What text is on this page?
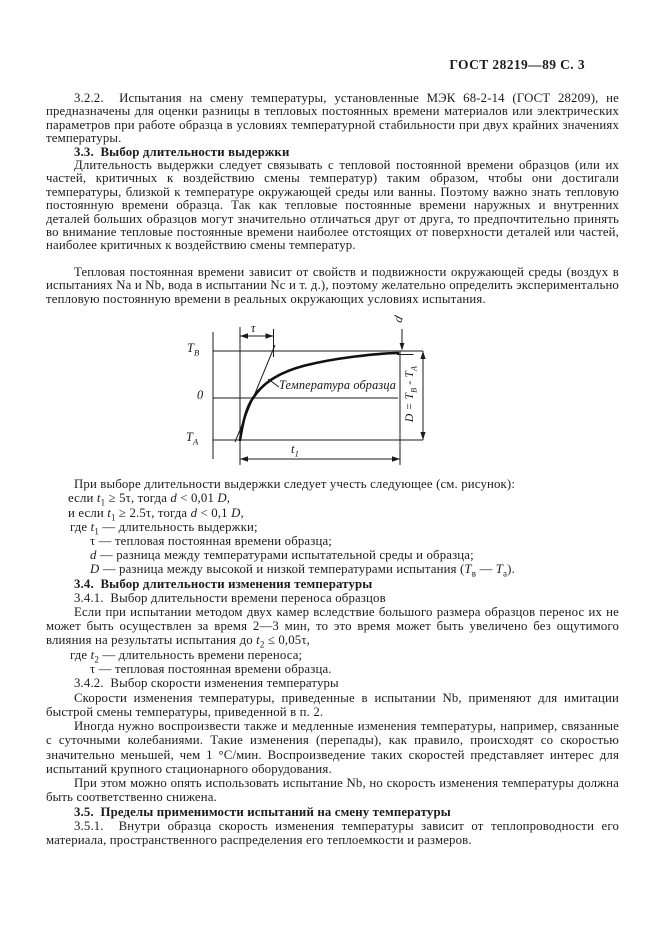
ГОСТ 28219—89 С. 3
3.2.2.  Испытания на смену температуры, установленные МЭК 68-2-14 (ГОСТ 28209), не предназначены для оценки разницы в тепловых постоянных времени материалов или электрических параметров при работе образца в условиях температурной стабильности при двух крайних значениях температуры.
3.3.  Выбор длительности выдержки
Длительность выдержки следует связывать с тепловой постоянной времени образцов (или их частей, критичных к воздействию смены температур) таким образом, чтобы они достигали температуры, близкой к температуре окружающей среды или ванны. Поэтому важно знать тепловую постоянную времени образца. Так как тепловые постоянные времени наружных и внутренних деталей больших образцов могут значительно отличаться друг от друга, то предпочтительно принять во внимание тепловые постоянные времени наиболее отстоящих от поверхности деталей или частей, наиболее критичных к воздействию смены температур.
Тепловая постоянная времени зависит от свойств и подвижности окружающей среды (воздух в испытаниях Na и Nb, вода в испытании Nc и т. д.), поэтому желательно определить экспериментально тепловую постоянную времени в реальных окружающих условиях испытания.
$T_B$
0
$T_A$
τ
Температура образца
$t_1$
d
$D = T_B - T_A$
При выборе длительности выдержки следует учесть следующее (см. рисунок):
если $t_1 \ge 5\tau$, тогда d < 0,01 D,
и если $t_1 \ge 2.5\tau$, тогда d < 0,1 D,
где $t_1$ — длительность выдержки;
τ — тепловая постоянная времени образца;
d — разница между температурами испытательной среды и образца;
D — разница между высокой и низкой температурами испытания ($T_в$ — $T_а$).
3.4.  Выбор длительности изменения температуры
3.4.1.  Выбор длительности времени переноса образцов
Если при испытании методом двух камер вследствие большого размера образцов перенос их не может быть осуществлен за время 2—3 мин, то это время может быть увеличено без ощутимого влияния на результаты испытания до $t_2 \le 0,05\tau$,
где $t_2$ — длительность времени переноса;
τ — тепловая постоянная времени образца.
3.4.2.  Выбор скорости изменения температуры
Скорости изменения температуры, приведенные в испытании Nb, применяют для имитации быстрой смены температуры, приведенной в п. 2.
Иногда нужно воспроизвести также и медленные изменения температуры, например, связанные с суточными колебаниями. Такие изменения (перепады), как правило, происходят со скоростью значительно меньшей, чем 1 °С/мин. Воспроизведение таких скоростей представляет интерес для испытаний крупного стационарного оборудования.
При этом можно опять использовать испытание Nb, но скорость изменения температуры должна быть соответственно снижена.
3.5.  Пределы применимости испытаний на смену температуры
3.5.1.  Внутри образца скорость изменения температуры зависит от теплопроводности его материала, пространственного распределения его теплоемкости и размеров.
